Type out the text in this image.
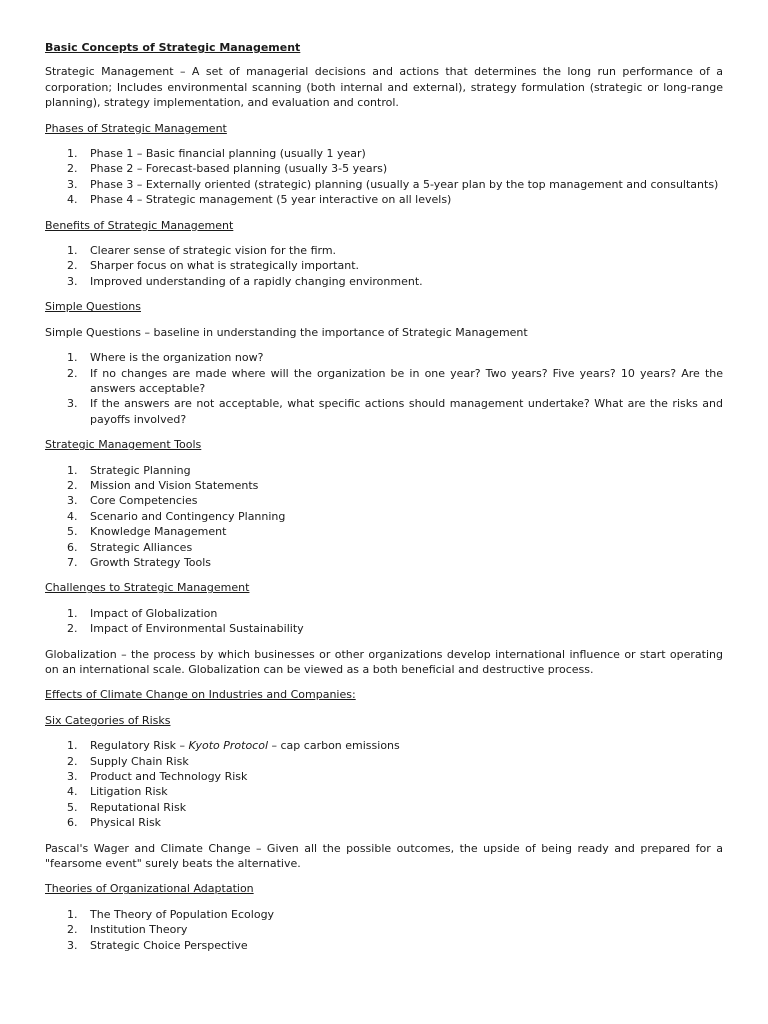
Basic Concepts of Strategic Management
Strategic Management – A set of managerial decisions and actions that determines the long run performance of a corporation; Includes environmental scanning (both internal and external), strategy formulation (strategic or long-range planning), strategy implementation, and evaluation and control.
Phases of Strategic Management
1. Phase 1 – Basic financial planning (usually 1 year)
2. Phase 2 – Forecast-based planning (usually 3-5 years)
3. Phase 3 – Externally oriented (strategic) planning (usually a 5-year plan by the top management and consultants)
4. Phase 4 – Strategic management (5 year interactive on all levels)
Benefits of Strategic Management
1. Clearer sense of strategic vision for the firm.
2. Sharper focus on what is strategically important.
3. Improved understanding of a rapidly changing environment.
Simple Questions
Simple Questions – baseline in understanding the importance of Strategic Management
1. Where is the organization now?
2. If no changes are made where will the organization be in one year? Two years? Five years? 10 years? Are the answers acceptable?
3. If the answers are not acceptable, what specific actions should management undertake? What are the risks and payoffs involved?
Strategic Management Tools
1. Strategic Planning
2. Mission and Vision Statements
3. Core Competencies
4. Scenario and Contingency Planning
5. Knowledge Management
6. Strategic Alliances
7. Growth Strategy Tools
Challenges to Strategic Management
1. Impact of Globalization
2. Impact of Environmental Sustainability
Globalization – the process by which businesses or other organizations develop international influence or start operating on an international scale. Globalization can be viewed as a both beneficial and destructive process.
Effects of Climate Change on Industries and Companies:
Six Categories of Risks
1. Regulatory Risk – Kyoto Protocol – cap carbon emissions
2. Supply Chain Risk
3. Product and Technology Risk
4. Litigation Risk
5. Reputational Risk
6. Physical Risk
Pascal's Wager and Climate Change – Given all the possible outcomes, the upside of being ready and prepared for a "fearsome event" surely beats the alternative.
Theories of Organizational Adaptation
1. The Theory of Population Ecology
2. Institution Theory
3. Strategic Choice Perspective
